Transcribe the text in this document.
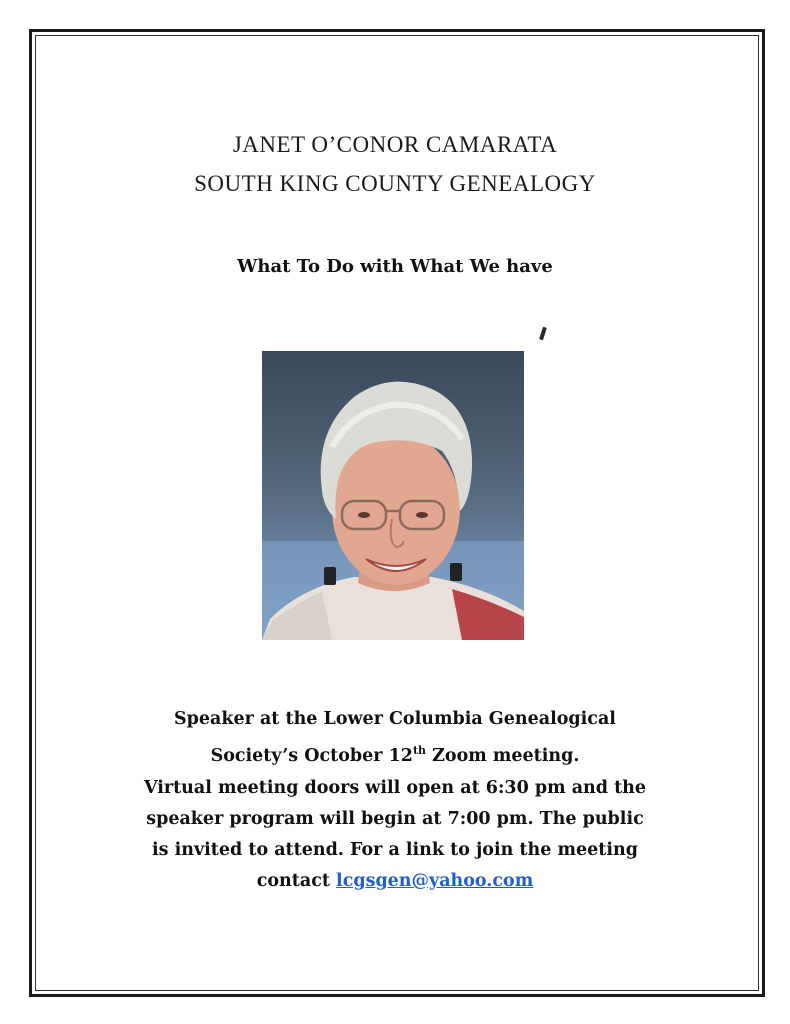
JANET O’CONOR CAMARATA
SOUTH KING COUNTY GENEALOGY
What To Do with What We have
Speaker at the Lower Columbia Genealogical
Society’s October 12th Zoom meeting.
Virtual meeting doors will open at 6:30 pm and the
speaker program will begin at 7:00 pm. The public
is invited to attend. For a link to join the meeting
contact lcgsgen@yahoo.com
